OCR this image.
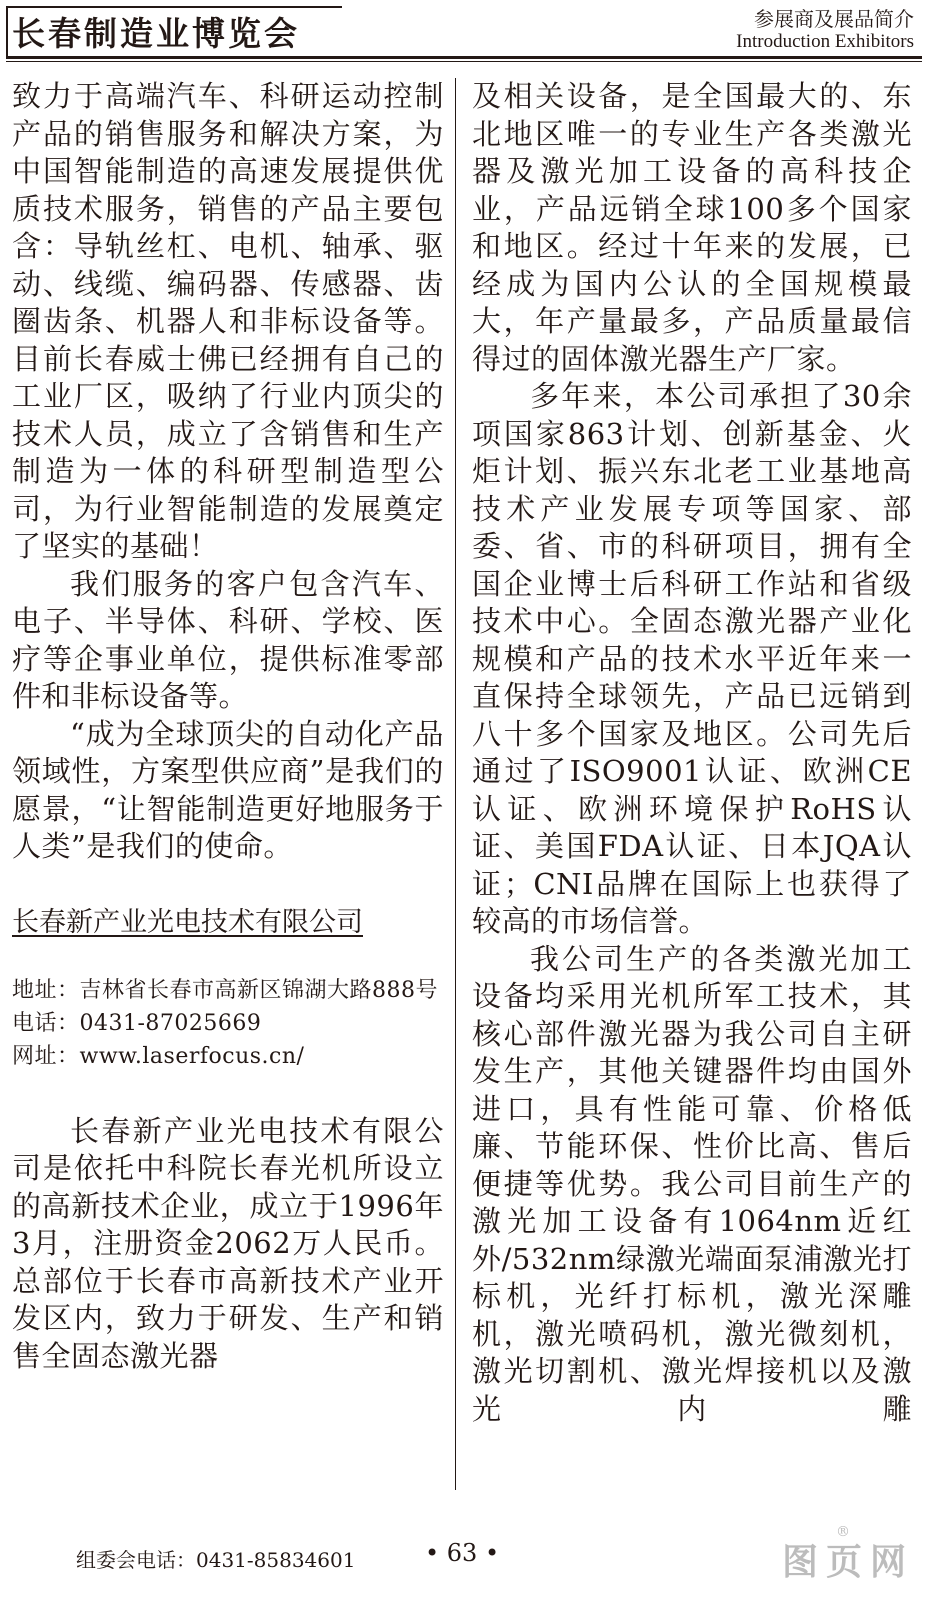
长春制造业博览会	参展商及展品简介
Introduction Exhibitors

致力于高端汽车、科研运动控制产品的销售服务和解决方案，为中国智能制造的高速发展提供优质技术服务，销售的产品主要包含：导轨丝杠、电机、轴承、驱动、线缆、编码器、传感器、齿圈齿条、机器人和非标设备等。目前长春威士佛已经拥有自己的工业厂区，吸纳了行业内顶尖的技术人员，成立了含销售和生产制造为一体的科研型制造型公司，为行业智能制造的发展奠定了坚实的基础！

我们服务的客户包含汽车、电子、半导体、科研、学校、医疗等企事业单位，提供标准零部件和非标设备等。

“成为全球顶尖的自动化产品领域性，方案型供应商”是我们的愿景，“让智能制造更好地服务于人类”是我们的使命。

长春新产业光电技术有限公司
地址：吉林省长春市高新区锦湖大路888号
电话：0431-87025669
网址：www.laserfocus.cn/

长春新产业光电技术有限公司是依托中科院长春光机所设立的高新技术企业，成立于1996年3月，注册资金2062万人民币。总部位于长春市高新技术产业开发区内，致力于研发、生产和销售全固态激光器

及相关设备，是全国最大的、东北地区唯一的专业生产各类激光器及激光加工设备的高科技企业，产品远销全球100多个国家和地区。经过十年来的发展，已经成为国内公认的全国规模最大，年产量最多，产品质量最信得过的固体激光器生产厂家。

多年来，本公司承担了30余项国家863计划、创新基金、火炬计划、振兴东北老工业基地高技术产业发展专项等国家、部委、省、市的科研项目，拥有全国企业博士后科研工作站和省级技术中心。全固态激光器产业化规模和产品的技术水平近年来一直保持全球领先，产品已远销到八十多个国家及地区。公司先后通过了ISO9001认证、欧洲CE认证、欧洲环境保护RoHS认证、美国FDA认证、日本JQA认证；CNI品牌在国际上也获得了较高的市场信誉。

我公司生产的各类激光加工设备均采用光机所军工技术，其核心部件激光器为我公司自主研发生产，其他关键器件均由国外进口，具有性能可靠、价格低廉、节能环保、性价比高、售后便捷等优势。我公司目前生产的激光加工设备有1064nm近红外/532nm绿激光端面泵浦激光打标机，光纤打标机，激光深雕机，激光喷码机，激光微刻机，激光切割机、激光焊接机以及激光内雕

组委会电话：0431-85834601	• 63 •	图页网
®
